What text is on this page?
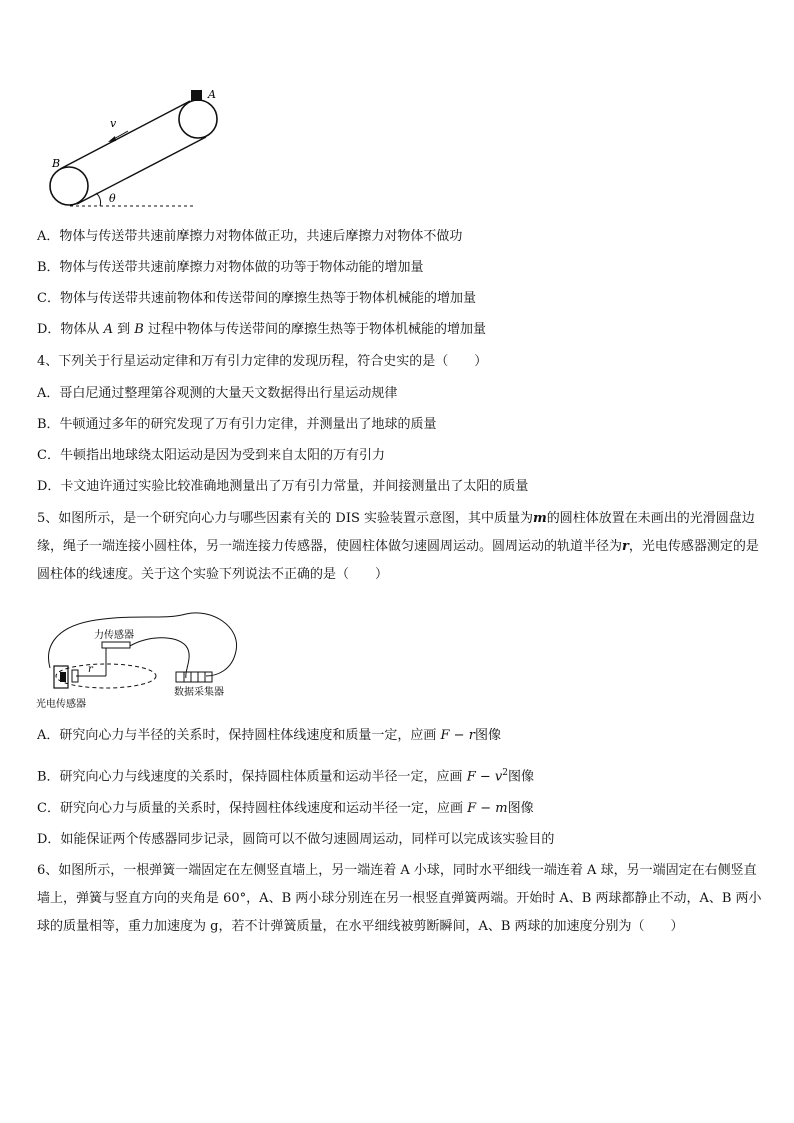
A
B
v
θ
A．物体与传送带共速前摩擦力对物体做正功，共速后摩擦力对物体不做功
B．物体与传送带共速前摩擦力对物体做的功等于物体动能的增加量
C．物体与传送带共速前物体和传送带间的摩擦生热等于物体机械能的增加量
D．物体从 A 到 B 过程中物体与传送带间的摩擦生热等于物体机械能的增加量
4、下列关于行星运动定律和万有引力定律的发现历程，符合史实的是（　　）
A．哥白尼通过整理第谷观测的大量天文数据得出行星运动规律
B．牛顿通过多年的研究发现了万有引力定律，并测量出了地球的质量
C．牛顿指出地球绕太阳运动是因为受到来自太阳的万有引力
D．卡文迪许通过实验比较准确地测量出了万有引力常量，并间接测量出了太阳的质量
5、如图所示，是一个研究向心力与哪些因素有关的 DIS 实验装置示意图，其中质量为m的圆柱体放置在未画出的光滑圆盘边缘，绳子一端连接小圆柱体，另一端连接力传感器，使圆柱体做匀速圆周运动。圆周运动的轨道半径为r，光电传感器测定的是圆柱体的线速度。关于这个实验下列说法不正确的是（　　）
力传感器
r
光电传感器
数据采集器
A．研究向心力与半径的关系时，保持圆柱体线速度和质量一定，应画 F − r图像
B．研究向心力与线速度的关系时，保持圆柱体质量和运动半径一定，应画 $F - v^2$图像
C．研究向心力与质量的关系时，保持圆柱体线速度和运动半径一定，应画 F − m图像
D．如能保证两个传感器同步记录，圆筒可以不做匀速圆周运动，同样可以完成该实验目的
6、如图所示，一根弹簧一端固定在左侧竖直墙上，另一端连着 A 小球，同时水平细线一端连着 A 球，另一端固定在右侧竖直墙上，弹簧与竖直方向的夹角是 60°，A、B 两小球分别连在另一根竖直弹簧两端。开始时 A、B 两球都静止不动，A、B 两小球的质量相等，重力加速度为 g，若不计弹簧质量，在水平细线被剪断瞬间，A、B 两球的加速度分别为（　　）
